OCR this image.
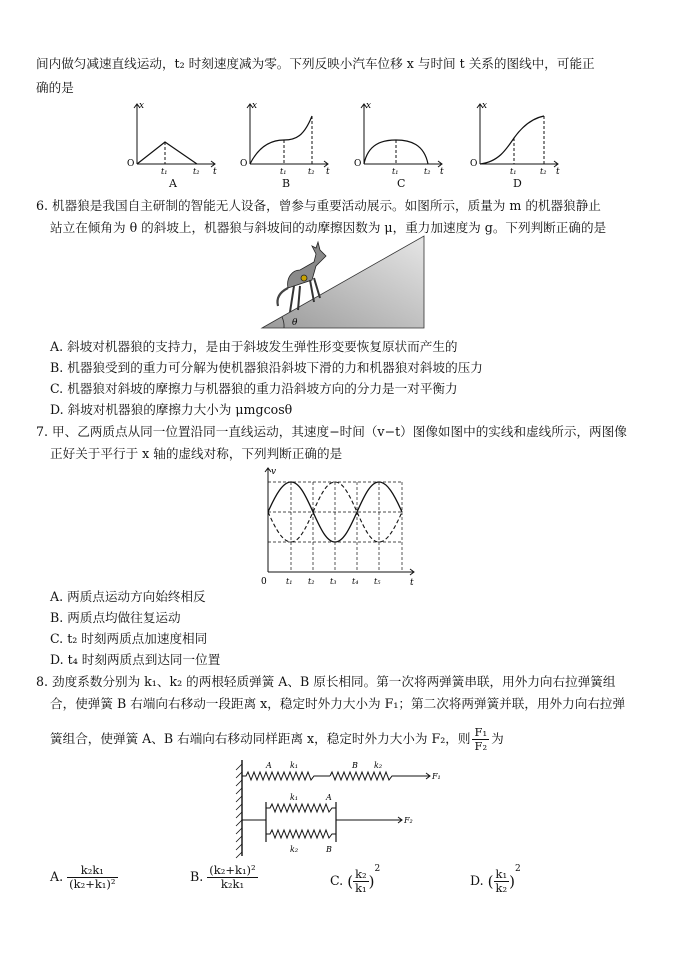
间内做匀减速直线运动，t₂ 时刻速度减为零。下列反映小汽车位移 x 与时间 t 关系的图线中，可能正
确的是
O
x
t
t₁	t₂
A
O
x
t
t₁	t₂
B
O
x
t
t₁	t₂
C
O
x
t
t₁	t₂
D
6. 机器狼是我国自主研制的智能无人设备，曾参与重要活动展示。如图所示，质量为 m 的机器狼静止
站立在倾角为 θ 的斜坡上，机器狼与斜坡间的动摩擦因数为 μ，重力加速度为 g。下列判断正确的是
θ
A. 斜坡对机器狼的支持力，是由于斜坡发生弹性形变要恢复原状而产生的
B. 机器狼受到的重力可分解为使机器狼沿斜坡下滑的力和机器狼对斜坡的压力
C. 机器狼对斜坡的摩擦力与机器狼的重力沿斜坡方向的分力是一对平衡力
D. 斜坡对机器狼的摩擦力大小为 μmgcosθ
7. 甲、乙两质点从同一位置沿同一直线运动，其速度−时间（v−t）图像如图中的实线和虚线所示，两图像
正好关于平行于 x 轴的虚线对称，下列判断正确的是
v
t
0 t₁ t₂ t₃ t₄ t₅
A. 两质点运动方向始终相反
B. 两质点均做往复运动
C. t₂ 时刻两质点加速度相同
D. t₄ 时刻两质点到达同一位置
8. 劲度系数分别为 k₁、k₂ 的两根轻质弹簧 A、B 原长相同。第一次将两弹簧串联，用外力向右拉弹簧组
合，使弹簧 B 右端向右移动一段距离 x，稳定时外力大小为 F₁；第二次将两弹簧并联，用外力向右拉弹
簧组合，使弹簧 A、B 右端向右移动同样距离 x，稳定时外力大小为 F₂，则 $\frac{\text{F₁}}{\text{F₂}}$ 为
A k₁	B k₂
F₁
k₁	A
k₂	B
F₂
A. $\frac{\text{k₂k₁}}{\text{(k₂+k₁)²}}$	B. $\frac{\text{(k₂+k₁)²}}{\text{k₂k₁}}$	C. ( $\frac{\text{k₂}}{\text{k₁}} )^2$
D. ( $\frac{\text{k₁}}{\text{k₂}} )^2$
